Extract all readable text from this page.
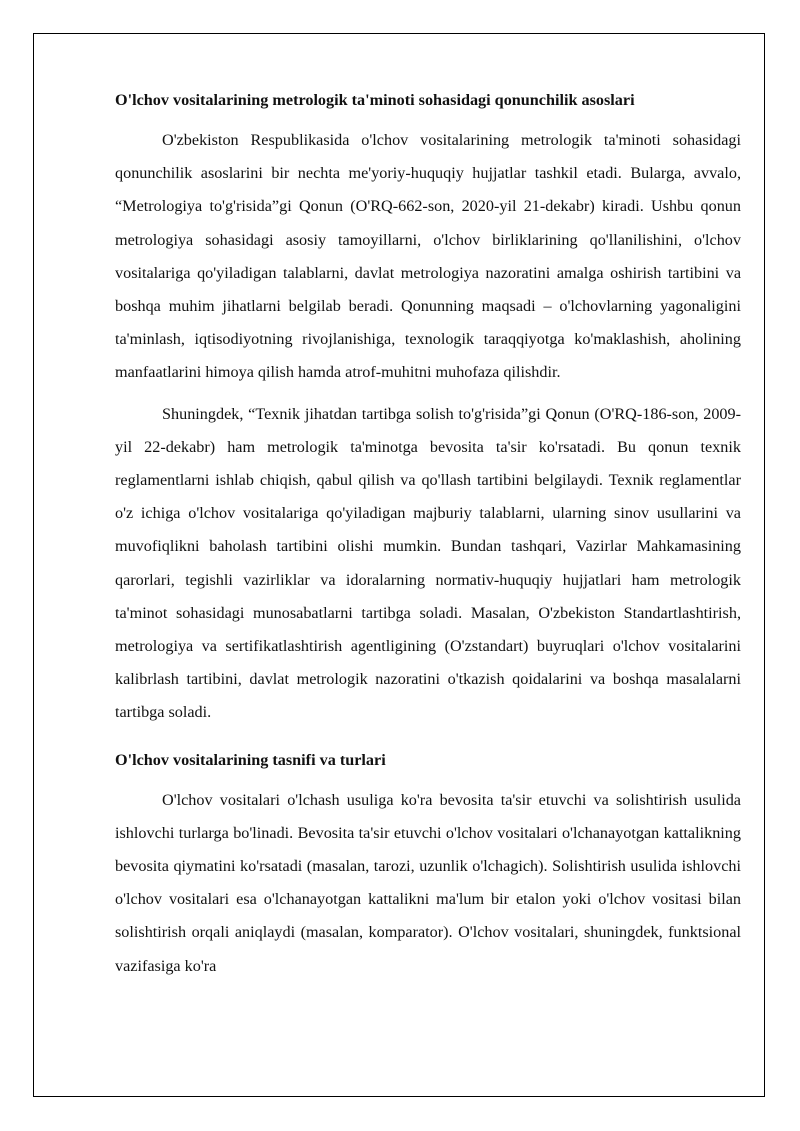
O'lchov vositalarining metrologik ta'minoti sohasidagi qonunchilik asoslari

O'zbekiston Respublikasida o'lchov vositalarining metrologik ta'minoti sohasidagi qonunchilik asoslarini bir nechta me'yoriy-huquqiy hujjatlar tashkil etadi. Bularga, avvalo, “Metrologiya to'g'risida”gi Qonun (O'RQ-662-son, 2020-yil 21-dekabr) kiradi. Ushbu qonun metrologiya sohasidagi asosiy tamoyillarni, o'lchov birliklarining qo'llanilishini, o'lchov vositalariga qo'yiladigan talablarni, davlat metrologiya nazoratini amalga oshirish tartibini va boshqa muhim jihatlarni belgilab beradi. Qonunning maqsadi – o'lchovlarning yagonaligini ta'minlash, iqtisodiyotning rivojlanishiga, texnologik taraqqiyotga ko'maklashish, aholining manfaatlarini himoya qilish hamda atrof-muhitni muhofaza qilishdir.

Shuningdek, “Texnik jihatdan tartibga solish to'g'risida”gi Qonun (O'RQ-186-son, 2009-yil 22-dekabr) ham metrologik ta'minotga bevosita ta'sir ko'rsatadi. Bu qonun texnik reglamentlarni ishlab chiqish, qabul qilish va qo'llash tartibini belgilaydi. Texnik reglamentlar o'z ichiga o'lchov vositalariga qo'yiladigan majburiy talablarni, ularning sinov usullarini va muvofiqlikni baholash tartibini olishi mumkin. Bundan tashqari, Vazirlar Mahkamasining qarorlari, tegishli vazirliklar va idoralarning normativ-huquqiy hujjatlari ham metrologik ta'minot sohasidagi munosabatlarni tartibga soladi. Masalan, O'zbekiston Standartlashtirish, metrologiya va sertifikatlashtirish agentligining (O'zstandart) buyruqlari o'lchov vositalarini kalibrlash tartibini, davlat metrologik nazoratini o'tkazish qoidalarini va boshqa masalalarni tartibga soladi.

O'lchov vositalarining tasnifi va turlari

O'lchov vositalari o'lchash usuliga ko'ra bevosita ta'sir etuvchi va solishtirish usulida ishlovchi turlarga bo'linadi. Bevosita ta'sir etuvchi o'lchov vositalari o'lchanayotgan kattalikning bevosita qiymatini ko'rsatadi (masalan, tarozi, uzunlik o'lchagich). Solishtirish usulida ishlovchi o'lchov vositalari esa o'lchanayotgan kattalikni ma'lum bir etalon yoki o'lchov vositasi bilan solishtirish orqali aniqlaydi (masalan, komparator). O'lchov vositalari, shuningdek, funktsional vazifasiga ko'ra
